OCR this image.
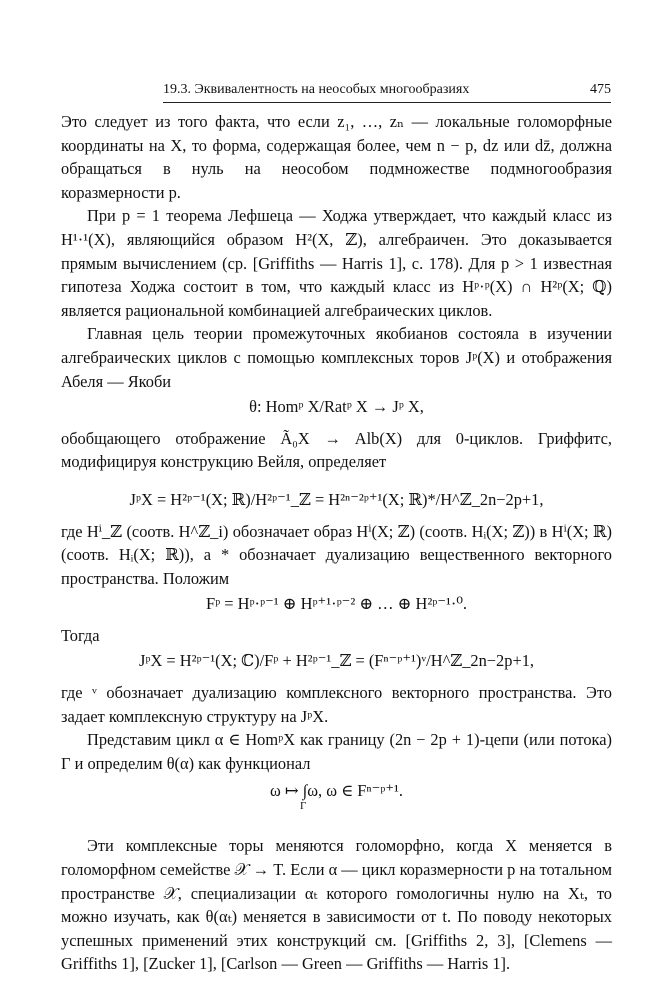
19.3. Эквивалентность на неособых многообразиях	475

Это следует из того факта, что если z₁, …, zₙ — локальные голоморфные координаты на X, то форма, содержащая более, чем n − p, dz или dz̄, должна обращаться в нуль на неособом подмножестве подмногообразия коразмерности p.

При p = 1 теорема Лефшеца — Ходжа утверждает, что каждый класс из H¹·¹(X), являющийся образом H²(X, ℤ), алгебраичен. Это доказывается прямым вычислением (ср. [Griffiths — Harris 1], с. 178). Для p > 1 известная гипотеза Ходжа состоит в том, что каждый класс из Hᵖ·ᵖ(X) ∩ H²ᵖ(X; ℚ) является рациональной комбинацией алгебраических циклов.

Главная цель теории промежуточных якобианов состояла в изучении алгебраических циклов с помощью комплексных торов Jᵖ(X) и отображения Абеля — Якоби

θ: Homᵖ X/Ratᵖ X → Jᵖ X,

обобщающего отображение Ã₀X → Alb(X) для 0-циклов. Гриффитс, модифицируя конструкцию Вейля, определяет

JᵖX = H²ᵖ⁻¹(X; ℝ)/H²ᵖ⁻¹_ℤ = H²ⁿ⁻²ᵖ⁺¹(X; ℝ)*/H^ℤ_2n−2p+1,

где Hⁱ_ℤ (соотв. H^ℤ_i) обозначает образ Hⁱ(X; ℤ) (соотв. Hᵢ(X; ℤ)) в Hⁱ(X; ℝ) (соотв. Hᵢ(X; ℝ)), а * обозначает дуализацию вещественного векторного пространства. Положим

Fᵖ = Hᵖ·ᵖ⁻¹ ⊕ Hᵖ⁺¹·ᵖ⁻² ⊕ … ⊕ H²ᵖ⁻¹·⁰.

Тогда

JᵖX = H²ᵖ⁻¹(X; ℂ)/Fᵖ + H²ᵖ⁻¹_ℤ = (Fⁿ⁻ᵖ⁺¹)ᵛ/H^ℤ_2n−2p+1,

где ᵛ обозначает дуализацию комплексного векторного пространства. Это задает комплексную структуру на JᵖX.

Представим цикл α ∈ HomᵖX как границу (2n − 2p + 1)-цепи (или потока) Γ и определим θ(α) как функционал

ω ↦ ∫ω, ω ∈ Fⁿ⁻ᵖ⁺¹.
Γ

Эти комплексные торы меняются голоморфно, когда X меняется в голоморфном семействе 𝒳 → T. Если α — цикл коразмерности p на тотальном пространстве 𝒳, специализации αₜ которого гомологичны нулю на Xₜ, то можно изучать, как θ(αₜ) меняется в зависимости от t. По поводу некоторых успешных применений этих конструкций см. [Griffiths 2, 3], [Clemens — Griffiths 1], [Zucker 1], [Carlson — Green — Griffiths — Harris 1].
